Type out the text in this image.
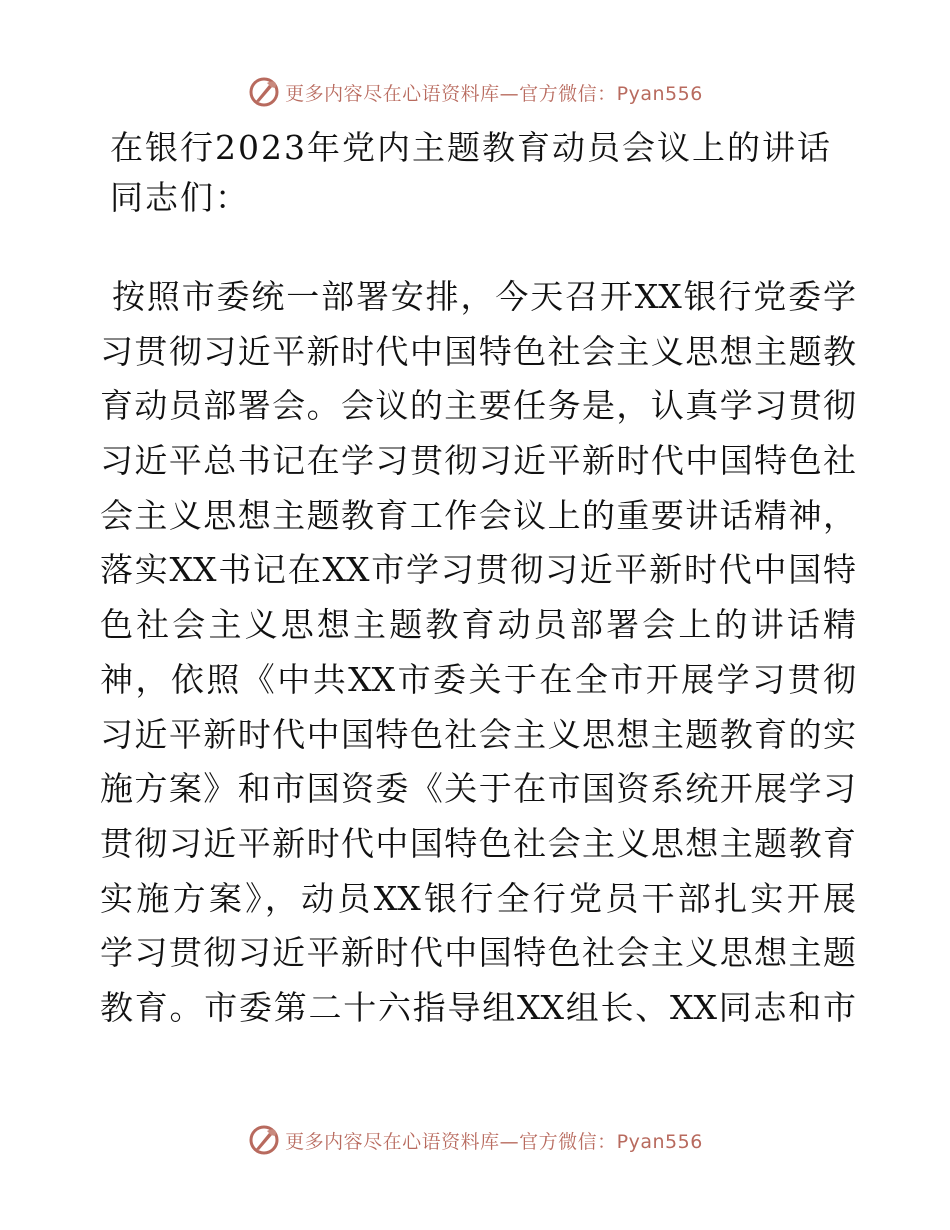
更多内容尽在心语资料库—官方微信：Pyan556
在银行2023年党内主题教育动员会议上的讲话

同志们：

按照市委统一部署安排，今天召开XX银行党委学
习贯彻习近平新时代中国特色社会主义思想主题教
育动员部署会。会议的主要任务是，认真学习贯彻
习近平总书记在学习贯彻习近平新时代中国特色社
会主义思想主题教育工作会议上的重要讲话精神，
落实XX书记在XX市学习贯彻习近平新时代中国特
色社会主义思想主题教育动员部署会上的讲话精
神，依照《中共XX市委关于在全市开展学习贯彻
习近平新时代中国特色社会主义思想主题教育的实
施方案》和市国资委《关于在市国资系统开展学习
贯彻习近平新时代中国特色社会主义思想主题教育
实施方案》，动员XX银行全行党员干部扎实开展
学习贯彻习近平新时代中国特色社会主义思想主题
教育。市委第二十六指导组XX组长、XX同志和市
更多内容尽在心语资料库—官方微信：Pyan556
